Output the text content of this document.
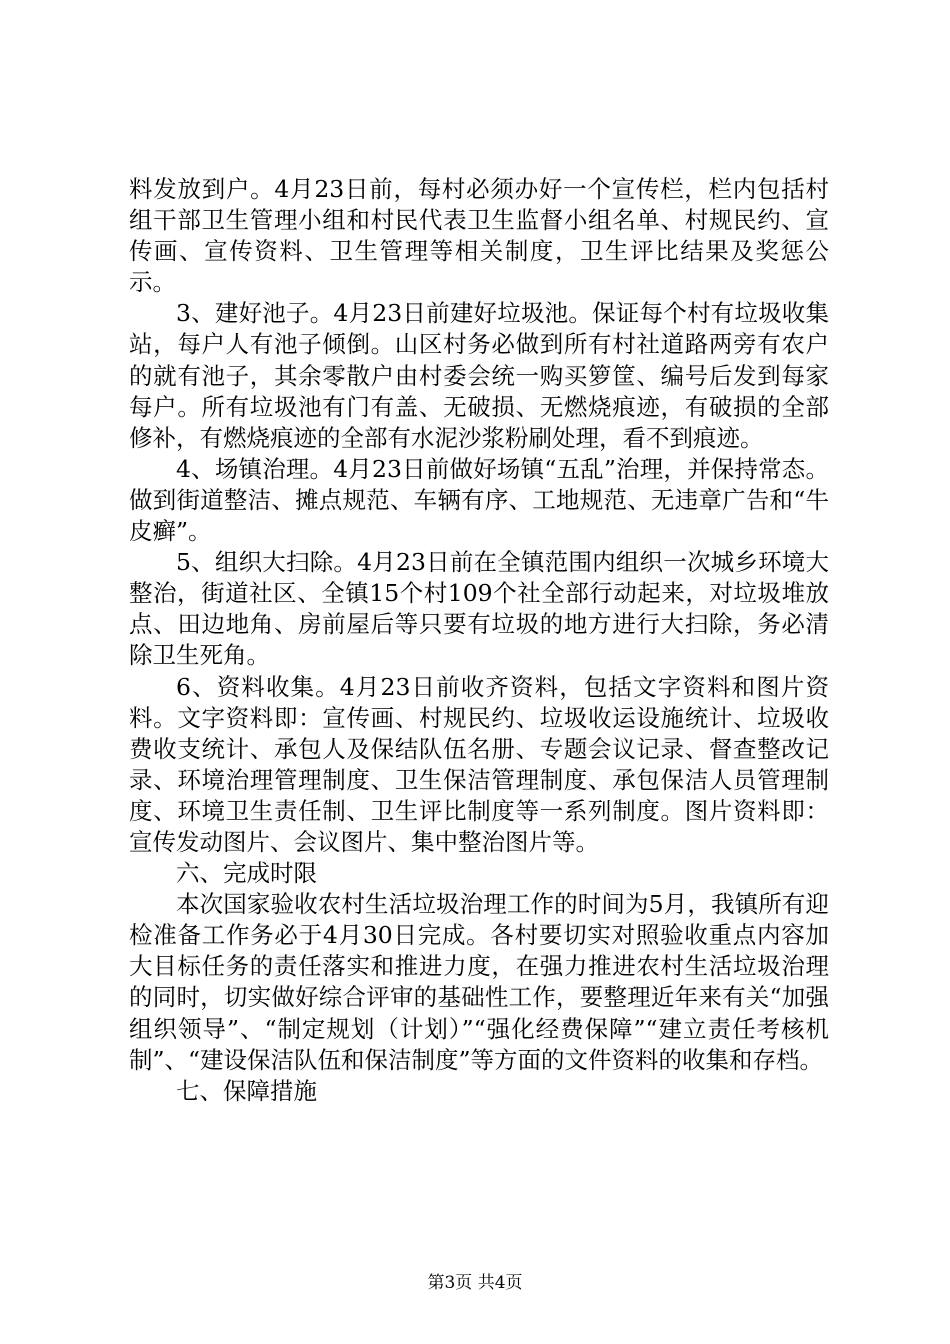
料发放到户。4月23日前，每村必须办好一个宣传栏，栏内包括村组干部卫生管理小组和村民代表卫生监督小组名单、村规民约、宣传画、宣传资料、卫生管理等相关制度，卫生评比结果及奖惩公示。

3、建好池子。4月23日前建好垃圾池。保证每个村有垃圾收集站，每户人有池子倾倒。山区村务必做到所有村社道路两旁有农户的就有池子，其余零散户由村委会统一购买箩筐、编号后发到每家每户。所有垃圾池有门有盖、无破损、无燃烧痕迹，有破损的全部修补，有燃烧痕迹的全部有水泥沙浆粉刷处理，看不到痕迹。

4、场镇治理。4月23日前做好场镇“五乱”治理，并保持常态。做到街道整洁、摊点规范、车辆有序、工地规范、无违章广告和“牛皮癣”。

5、组织大扫除。4月23日前在全镇范围内组织一次城乡环境大整治，街道社区、全镇15个村109个社全部行动起来，对垃圾堆放点、田边地角、房前屋后等只要有垃圾的地方进行大扫除，务必清除卫生死角。

6、资料收集。4月23日前收齐资料，包括文字资料和图片资料。文字资料即：宣传画、村规民约、垃圾收运设施统计、垃圾收费收支统计、承包人及保结队伍名册、专题会议记录、督查整改记录、环境治理管理制度、卫生保洁管理制度、承包保洁人员管理制度、环境卫生责任制、卫生评比制度等一系列制度。图片资料即：宣传发动图片、会议图片、集中整治图片等。

六、完成时限

本次国家验收农村生活垃圾治理工作的时间为5月，我镇所有迎检准备工作务必于4月30日完成。各村要切实对照验收重点内容加大目标任务的责任落实和推进力度，在强力推进农村生活垃圾治理的同时，切实做好综合评审的基础性工作，要整理近年来有关“加强组织领导”、“制定规划（计划）”“强化经费保障”“建立责任考核机制”、“建设保洁队伍和保洁制度”等方面的文件资料的收集和存档。

七、保障措施

第3页 共4页
